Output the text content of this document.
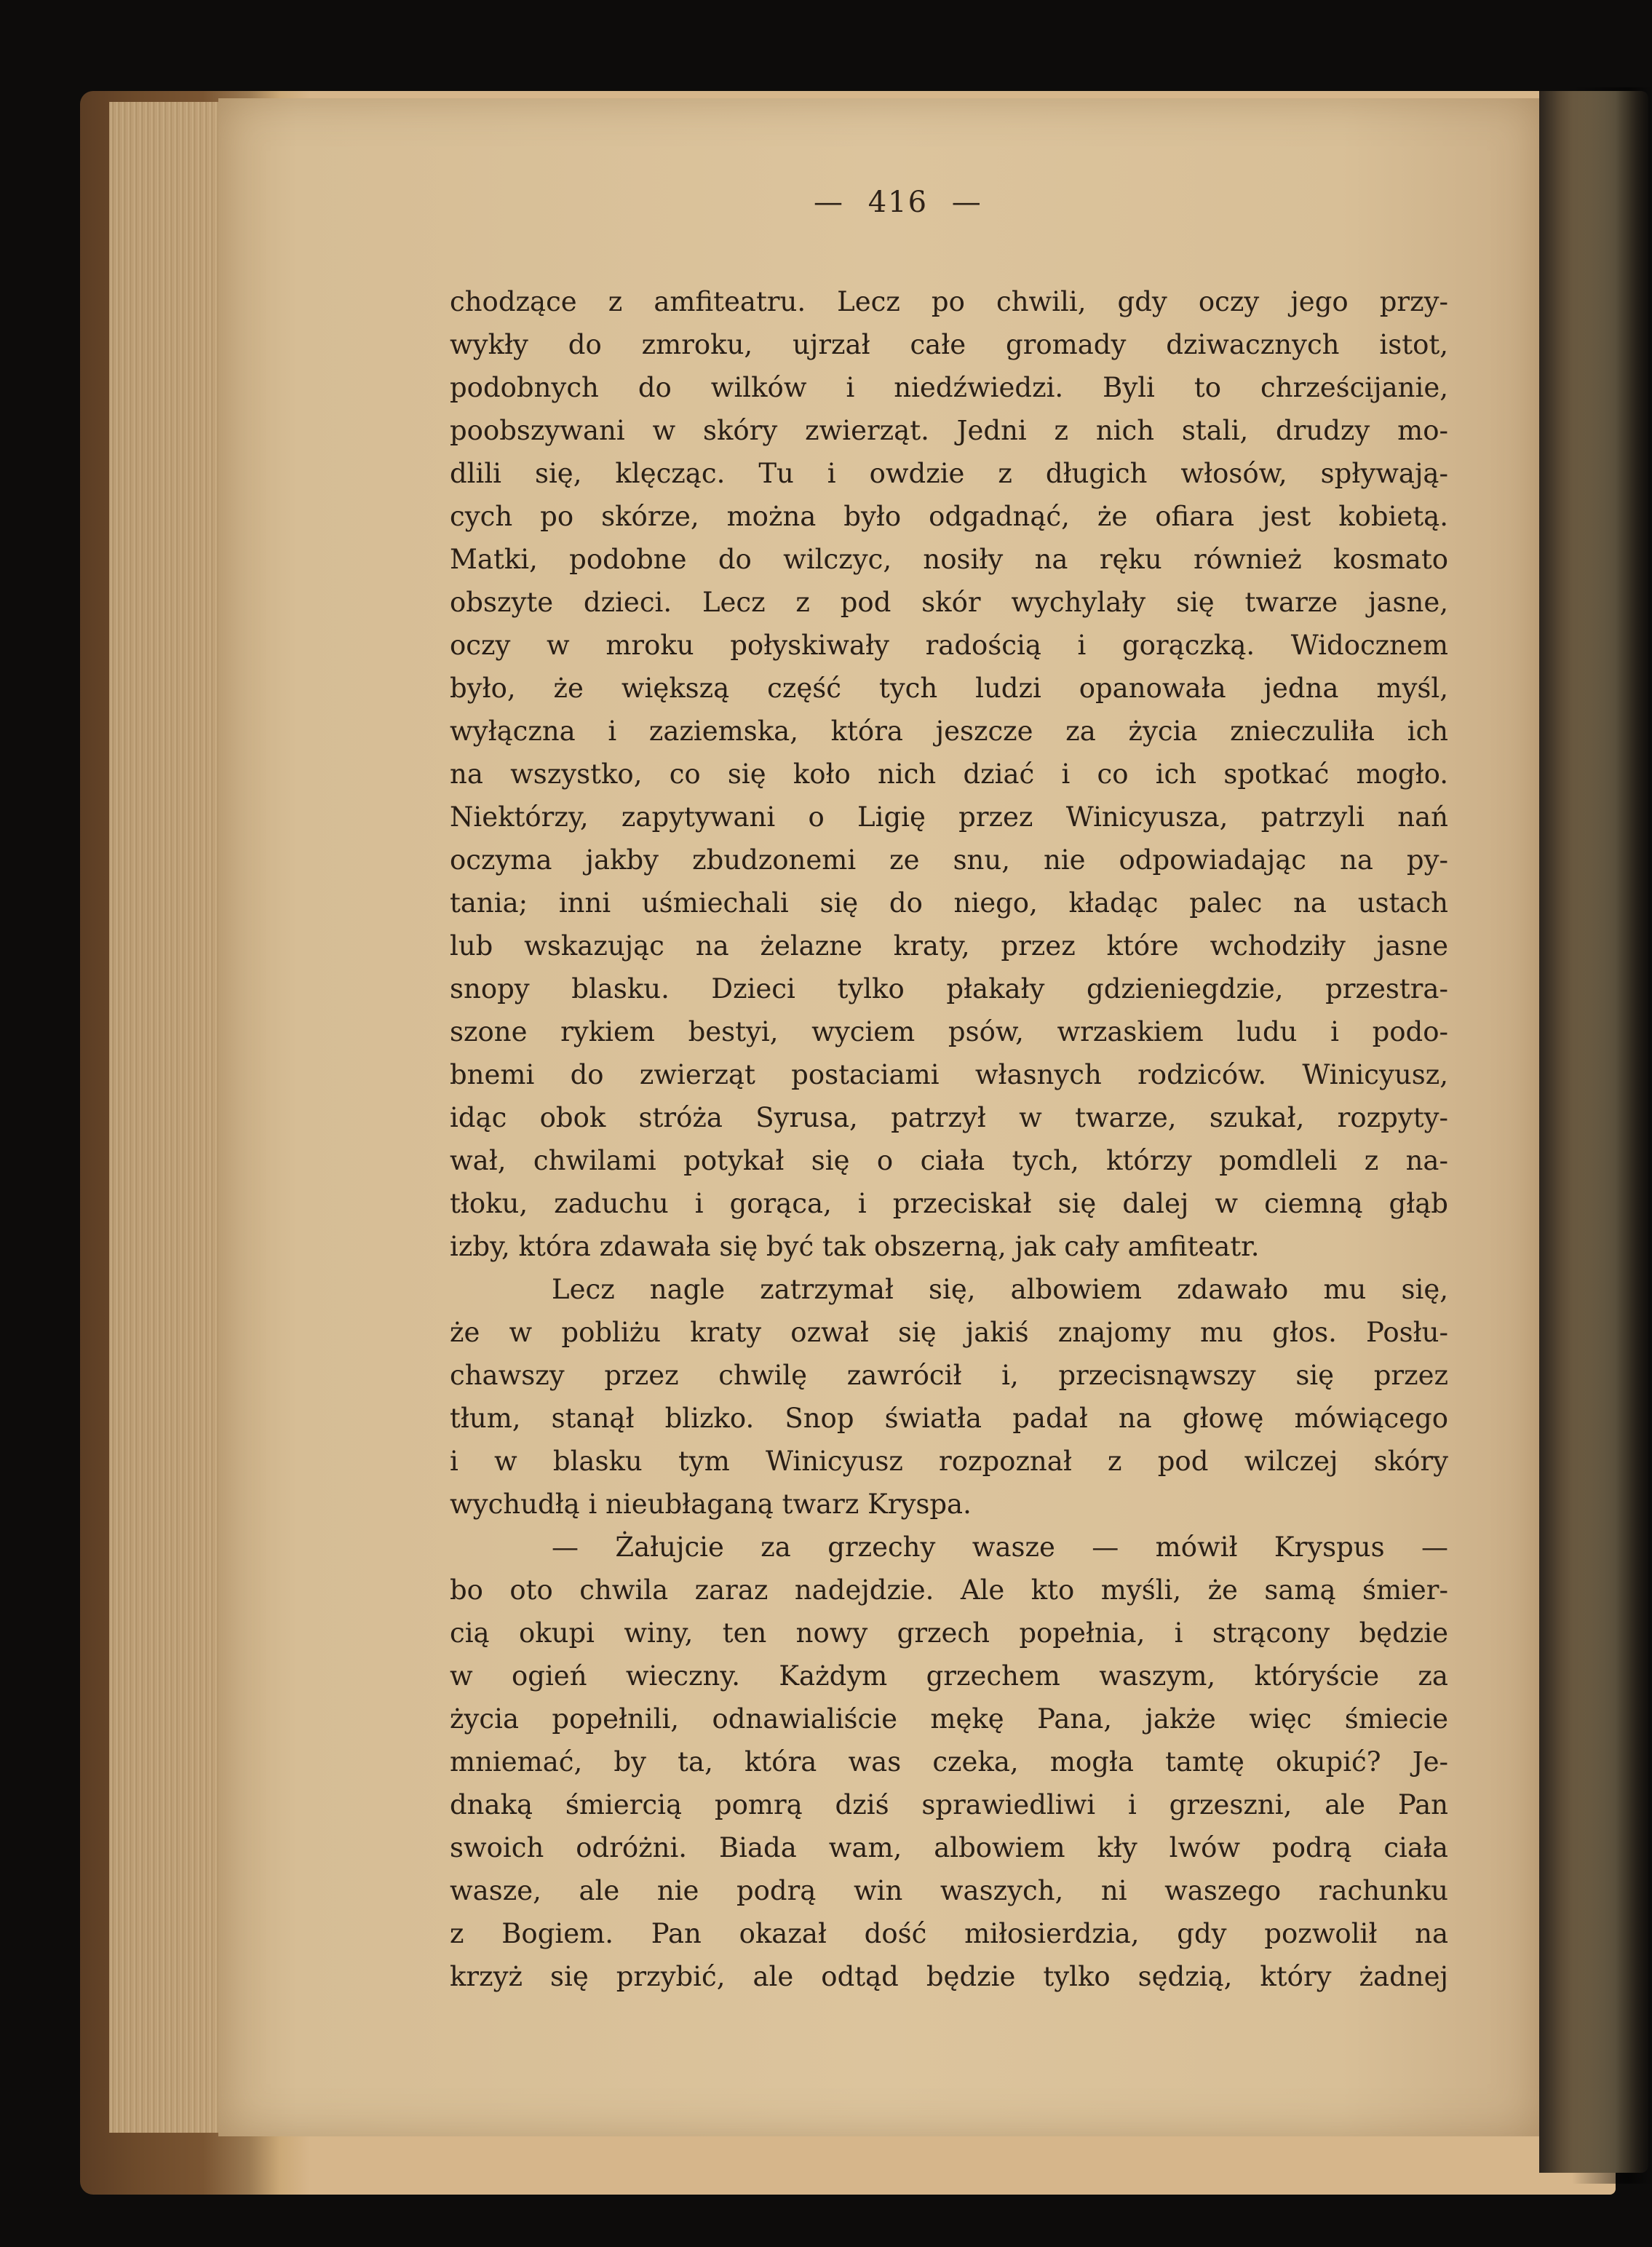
— 416 —
chodzące z amfiteatru. Lecz po chwili, gdy oczy jego przy-
wykły do zmroku, ujrzał całe gromady dziwacznych istot,
podobnych do wilków i niedźwiedzi. Byli to chrześcijanie,
poobszywani w skóry zwierząt. Jedni z nich stali, drudzy mo-
dlili się, klęcząc. Tu i owdzie z długich włosów, spływają-
cych po skórze, można było odgadnąć, że ofiara jest kobietą.
Matki, podobne do wilczyc, nosiły na ręku również kosmato
obszyte dzieci. Lecz z pod skór wychylały się twarze jasne,
oczy w mroku połyskiwały radością i gorączką. Widocznem
było, że większą część tych ludzi opanowała jedna myśl,
wyłączna i zaziemska, która jeszcze za życia znieczuliła ich
na wszystko, co się koło nich dziać i co ich spotkać mogło.
Niektórzy, zapytywani o Ligię przez Winicyusza, patrzyli nań
oczyma jakby zbudzonemi ze snu, nie odpowiadając na py-
tania; inni uśmiechali się do niego, kładąc palec na ustach
lub wskazując na żelazne kraty, przez które wchodziły jasne
snopy blasku. Dzieci tylko płakały gdzieniegdzie, przestra-
szone rykiem bestyi, wyciem psów, wrzaskiem ludu i podo-
bnemi do zwierząt postaciami własnych rodziców. Winicyusz,
idąc obok stróża Syrusa, patrzył w twarze, szukał, rozpyty-
wał, chwilami potykał się o ciała tych, którzy pomdleli z na-
tłoku, zaduchu i gorąca, i przeciskał się dalej w ciemną głąb
izby, która zdawała się być tak obszerną, jak cały amfiteatr.
Lecz nagle zatrzymał się, albowiem zdawało mu się,
że w pobliżu kraty ozwał się jakiś znajomy mu głos. Posłu-
chawszy przez chwilę zawrócił i, przecisnąwszy się przez
tłum, stanął blizko. Snop światła padał na głowę mówiącego
i w blasku tym Winicyusz rozpoznał z pod wilczej skóry
wychudłą i nieubłaganą twarz Kryspa.
— Żałujcie za grzechy wasze — mówił Kryspus —
bo oto chwila zaraz nadejdzie. Ale kto myśli, że samą śmier-
cią okupi winy, ten nowy grzech popełnia, i strącony będzie
w ogień wieczny. Każdym grzechem waszym, któryście za
życia popełnili, odnawialiście mękę Pana, jakże więc śmiecie
mniemać, by ta, która was czeka, mogła tamtę okupić? Je-
dnaką śmiercią pomrą dziś sprawiedliwi i grzeszni, ale Pan
swoich odróżni. Biada wam, albowiem kły lwów podrą ciała
wasze, ale nie podrą win waszych, ni waszego rachunku
z Bogiem. Pan okazał dość miłosierdzia, gdy pozwolił na
krzyż się przybić, ale odtąd będzie tylko sędzią, który żadnej
